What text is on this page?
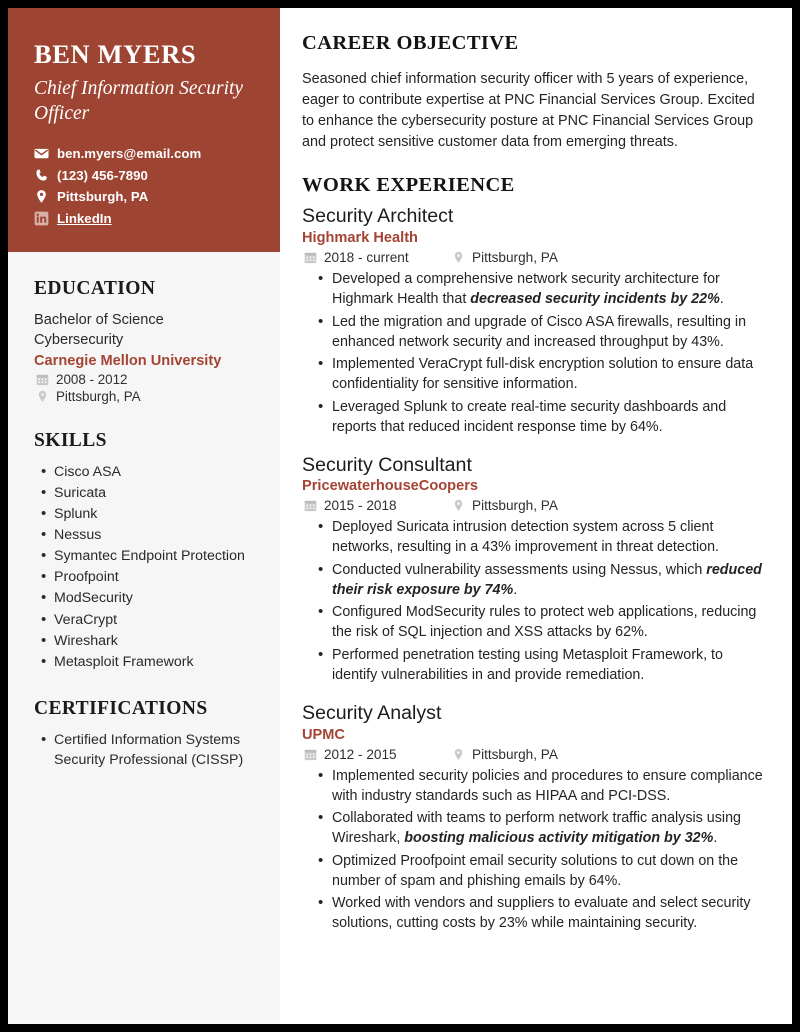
BEN MYERS
Chief Information Security Officer
ben.myers@email.com
(123) 456-7890
Pittsburgh, PA
LinkedIn
EDUCATION
Bachelor of Science
Cybersecurity
Carnegie Mellon University
2008 - 2012
Pittsburgh, PA
SKILLS
• Cisco ASA
• Suricata
• Splunk
• Nessus
• Symantec Endpoint Protection
• Proofpoint
• ModSecurity
• VeraCrypt
• Wireshark
• Metasploit Framework
CERTIFICATIONS
• Certified Information Systems Security Professional (CISSP)
CAREER OBJECTIVE

Seasoned chief information security officer with 5 years of experience, eager to contribute expertise at PNC Financial Services Group. Excited to enhance the cybersecurity posture at PNC Financial Services Group and protect sensitive customer data from emerging threats.

WORK EXPERIENCE
Security Architect
Highmark Health
2018 - current	Pittsburgh, PA
• Developed a comprehensive network security architecture for Highmark Health that decreased security incidents by 22%.
• Led the migration and upgrade of Cisco ASA firewalls, resulting in enhanced network security and increased throughput by 43%.
• Implemented VeraCrypt full-disk encryption solution to ensure data confidentiality for sensitive information.
• Leveraged Splunk to create real-time security dashboards and reports that reduced incident response time by 64%.
Security Consultant
PricewaterhouseCoopers
2015 - 2018	Pittsburgh, PA
• Deployed Suricata intrusion detection system across 5 client networks, resulting in a 43% improvement in threat detection.
• Conducted vulnerability assessments using Nessus, which reduced their risk exposure by 74%.
• Configured ModSecurity rules to protect web applications, reducing the risk of SQL injection and XSS attacks by 62%.
• Performed penetration testing using Metasploit Framework, to identify vulnerabilities in and provide remediation.
Security Analyst
UPMC
2012 - 2015	Pittsburgh, PA
• Implemented security policies and procedures to ensure compliance with industry standards such as HIPAA and PCI-DSS.
• Collaborated with teams to perform network traffic analysis using Wireshark, boosting malicious activity mitigation by 32%.
• Optimized Proofpoint email security solutions to cut down on the number of spam and phishing emails by 64%.
• Worked with vendors and suppliers to evaluate and select security solutions, cutting costs by 23% while maintaining security.
